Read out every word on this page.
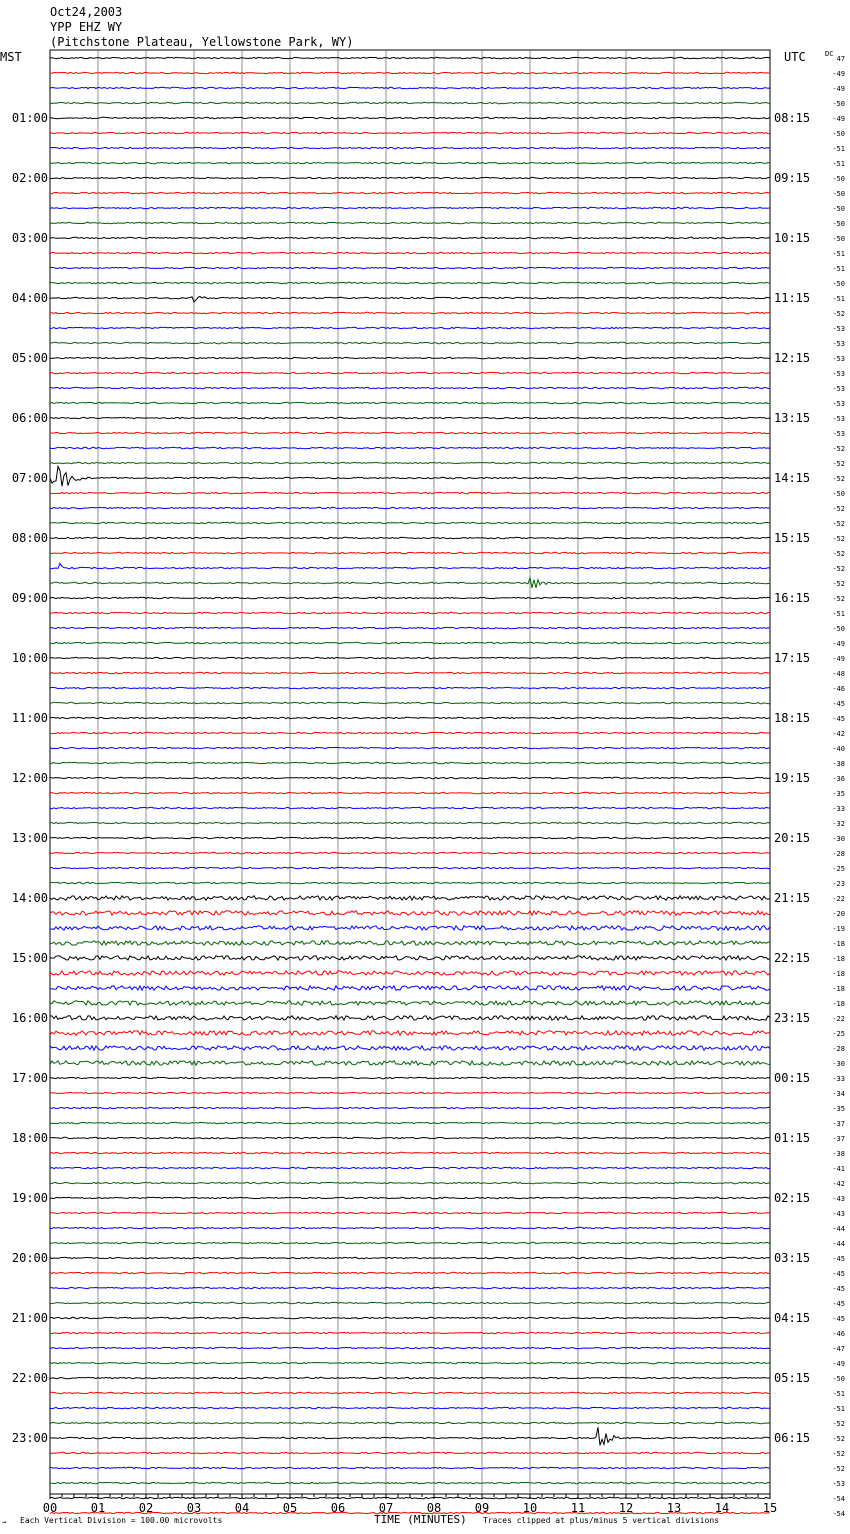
Oct24,2003
YPP EHZ WY
(Pitchstone Plateau, Yellowstone Park, WY)
MST	UTC	DC
01:00
02:00
03:00
04:00
05:00
06:00
07:00
08:00
09:00
10:00
11:00
12:00
13:00
14:00
15:00
16:00
17:00
18:00
19:00
20:00
21:00
22:00
23:00
08:15
09:15
10:15
11:15
12:15
13:15
14:15
15:15
16:15
17:15
18:15
19:15
20:15
21:15
22:15
23:15
00:15
01:15
02:15
03:15
04:15
05:15
06:15
47
-49
-49
-50
-49
-50
-51
-51
-50
-50
-50
-50
-50
-51
-51
-50
-51
-52
-53
-53
-53
-53
-53
-53
-53
-53
-52
-52
-52
-50
-52
-52
-52
-52
-52
-52
-52
-51
-50
-49
-49
-48
-46
-45
-45
-42
-40
-38
-36
-35
-33
-32
-30
-28
-25
-23
-22
-20
-19
-18
-18
-18
-18
-18
-22
-25
-28
-30
-33
-34
-35
-37
-37
-38
-41
-42
-43
-43
-44
-44
-45
-45
-45
-45
-45
-46
-47
-49
-50
-51
-51
-52
-52
-52
-52
-53
-54
-54
00	01	02	03	04	05	06	07	08	09	10	11	12	13	14	15
→ Each Vertical Division = 100.00 microvolts	TIME (MINUTES) Traces clipped at plus/minus 5 vertical divisions
